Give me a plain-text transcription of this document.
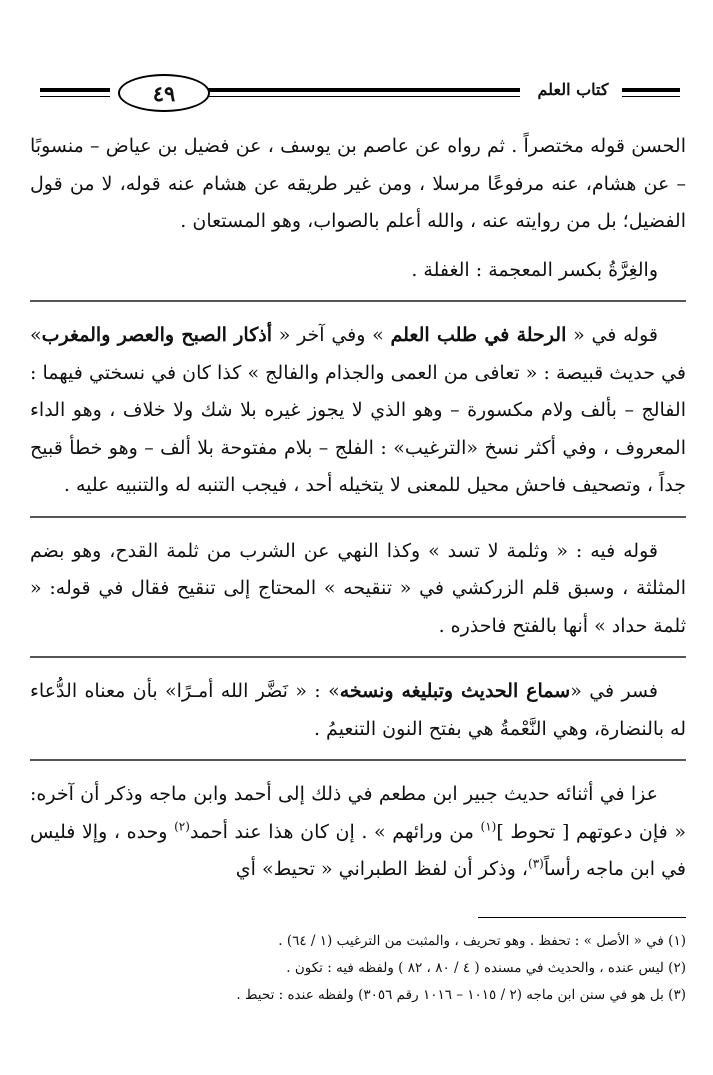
٤٩	كتاب العلم

الحسن قوله مختصراً . ثم رواه عن عاصم بن يوسف ، عن فضيل بن عياض – منسوبًا – عن هشام، عنه مرفوعًا مرسلا ، ومن غير طريقه عن هشام عنه قوله، لا من قول الفضيل؛ بل من روايته عنه ، والله أعلم بالصواب، وهو المستعان .

والغِرَّةُ بكسر المعجمة : الغفلة .

قوله في « الرحلة في طلب العلم » وفي آخر « أذكار الصبح والعصر والمغرب» في حديث قبيصة : « تعافى من العمى والجذام والفالج » كذا كان في نسختي فيهما : الفالج – بألف ولام مكسورة – وهو الذي لا يجوز غيره بلا شك ولا خلاف ، وهو الداء المعروف ، وفي أكثر نسخ «الترغيب» : الفلج – بلام مفتوحة بلا ألف – وهو خطأ قبيح جداً ، وتصحيف فاحش محيل للمعنى لا يتخيله أحد ، فيجب التنبه له والتنبيه عليه .

قوله فيه : « وثلمة لا تسد » وكذا النهي عن الشرب من ثلمة القدح، وهو بضم المثلثة ، وسبق قلم الزركشي في « تنقيحه » المحتاج إلى تنقيح فقال في قوله: « ثلمة حداد » أنها بالفتح فاحذره .

فسر في «سماع الحديث وتبليغه ونسخه» : « نَضَّر الله أمـرًا» بأن معناه الدُّعاء له بالنضارة، وهي النَّعْمةُ هي بفتح النون التنعيمُ .

عزا في أثنائه حديث جبير ابن مطعم في ذلك إلى أحمد وابن ماجه وذكر أن آخره: « فإن دعوتهم [ تحوط ]$^{(١)}$ من ورائهم » . إن كان هذا عند أحمد$^{(٢)}$ وحده ، وإلا فليس في ابن ماجه رأساً$^{(٣)}$، وذكر أن لفظ الطبراني « تحيط» أي

(١) في « الأصل » : تحفظ . وهو تحريف ، والمثبت من الترغيب (١ / ٦٤) .
(٢) ليس عنده ، والحديث في مسنده ( ٤ / ٨٠ ، ٨٢ ) ولفظه فيه : تكون .
(٣) بل هو في سنن ابن ماجه (٢ / ١٠١٥ – ١٠١٦ رقم ٣٠٥٦) ولفظه عنده : تحيط .
